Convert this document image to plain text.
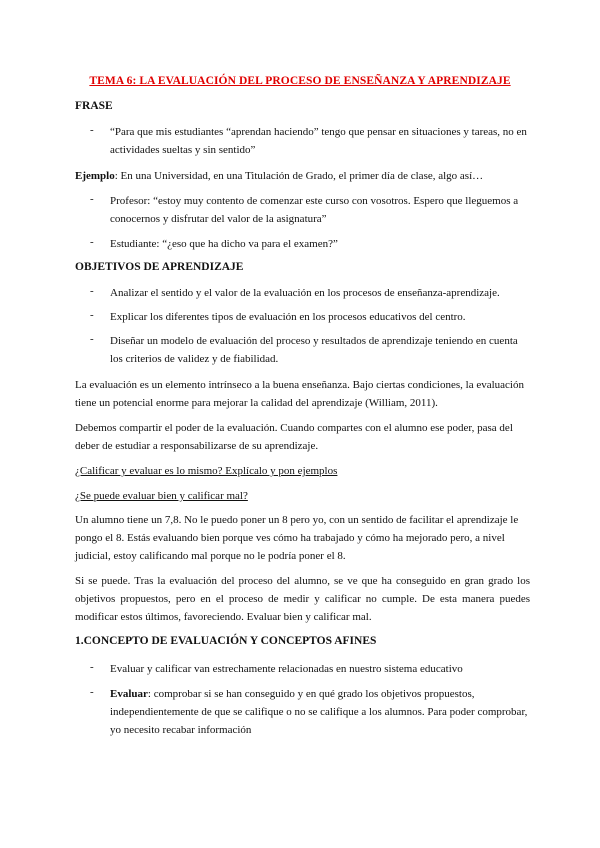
TEMA 6: LA EVALUACIÓN DEL PROCESO DE ENSEÑANZA Y APRENDIZAJE
FRASE
- “Para que mis estudiantes “aprendan haciendo” tengo que pensar en situaciones y tareas, no en actividades sueltas y sin sentido”
Ejemplo: En una Universidad, en una Titulación de Grado, el primer día de clase, algo así…
- Profesor: “estoy muy contento de comenzar este curso con vosotros. Espero que lleguemos a conocernos y disfrutar del valor de la asignatura”
- Estudiante: “¿eso que ha dicho va para el examen?”
OBJETIVOS DE APRENDIZAJE
- Analizar el sentido y el valor de la evaluación en los procesos de enseñanza-aprendizaje.
- Explicar los diferentes tipos de evaluación en los procesos educativos del centro.
- Diseñar un modelo de evaluación del proceso y resultados de aprendizaje teniendo en cuenta los criterios de validez y de fiabilidad.
La evaluación es un elemento intrínseco a la buena enseñanza. Bajo ciertas condiciones, la evaluación tiene un potencial enorme para mejorar la calidad del aprendizaje (William, 2011).
Debemos compartir el poder de la evaluación. Cuando compartes con el alumno ese poder, pasa del deber de estudiar a responsabilizarse de su aprendizaje.
¿Calificar y evaluar es lo mismo? Explícalo y pon ejemplos
¿Se puede evaluar bien y calificar mal?
Un alumno tiene un 7,8. No le puedo poner un 8 pero yo, con un sentido de facilitar el aprendizaje le pongo el 8. Estás evaluando bien porque ves cómo ha trabajado y cómo ha mejorado pero, a nivel judicial, estoy calificando mal porque no le podría poner el 8.
Si se puede. Tras la evaluación del proceso del alumno, se ve que ha conseguido en gran grado los objetivos propuestos, pero en el proceso de medir y calificar no cumple. De esta manera puedes modificar estos últimos, favoreciendo. Evaluar bien y calificar mal.
1.CONCEPTO DE EVALUACIÓN Y CONCEPTOS AFINES
- Evaluar y calificar van estrechamente relacionadas en nuestro sistema educativo
- Evaluar: comprobar si se han conseguido y en qué grado los objetivos propuestos, independientemente de que se califique o no se califique a los alumnos. Para poder comprobar, yo necesito recabar información
